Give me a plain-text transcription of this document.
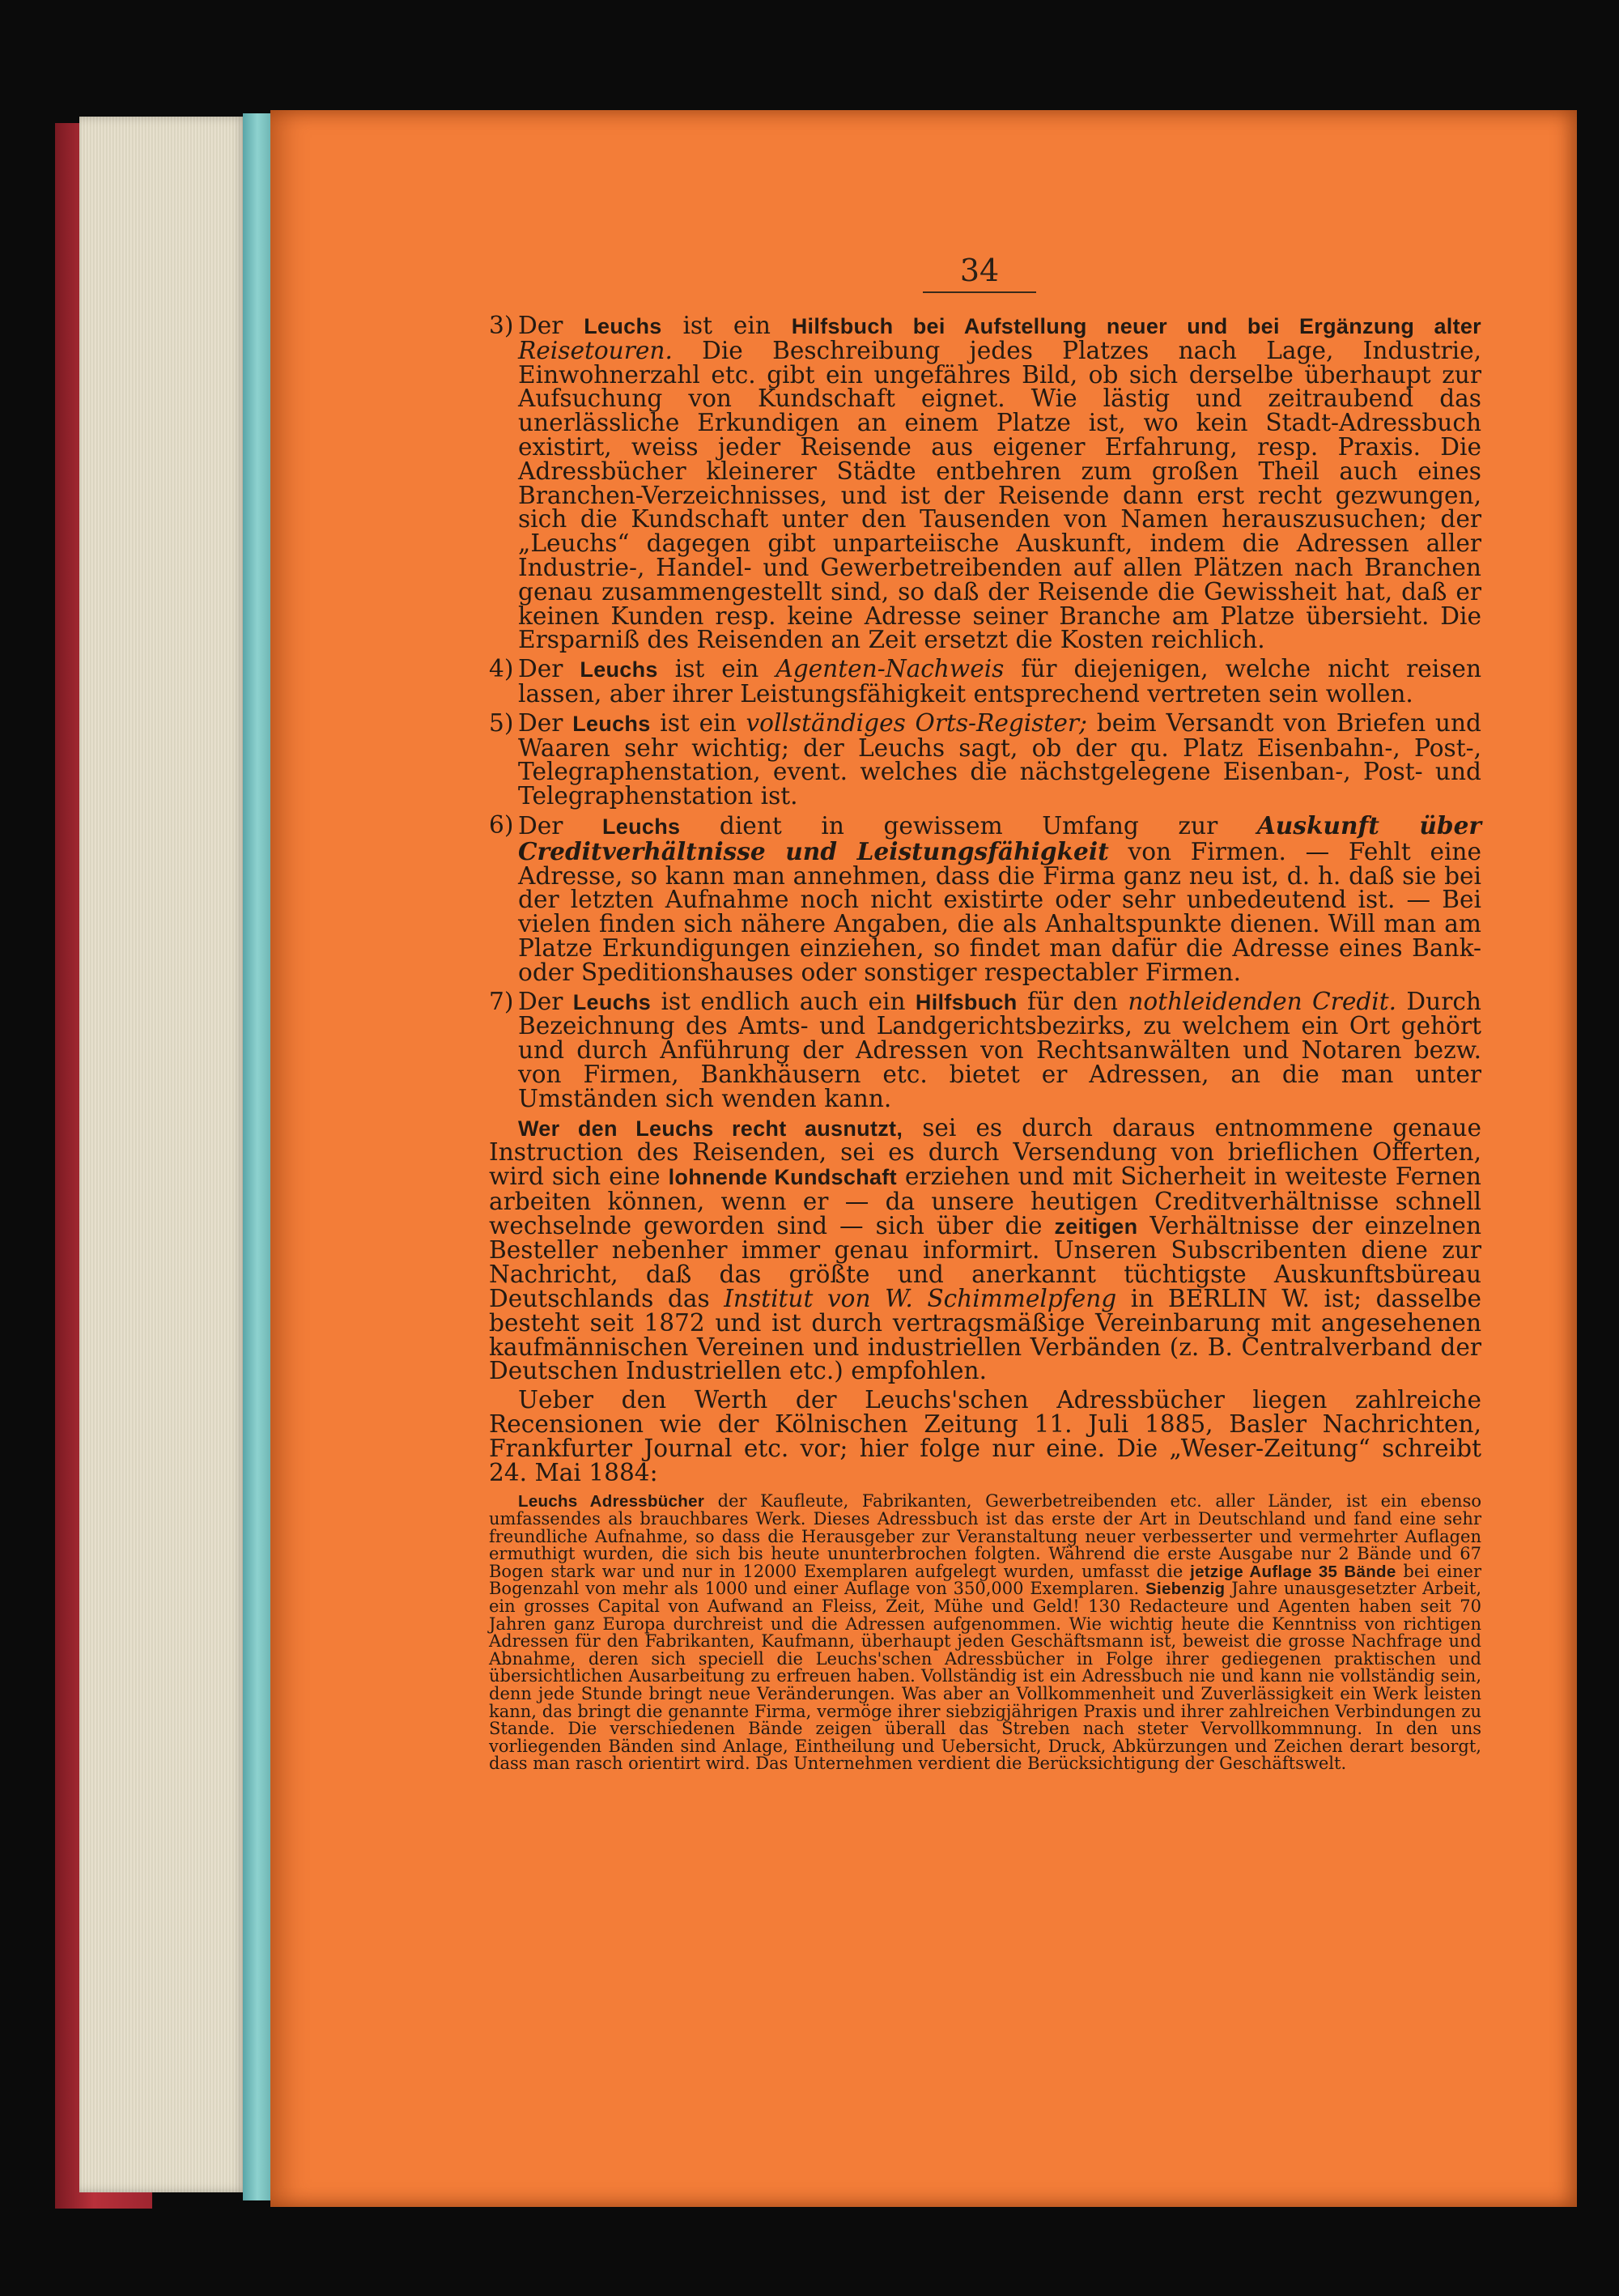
34
3) Der Leuchs ist ein Hilfsbuch bei Aufstellung neuer und bei Ergänzung alter Reisetouren. Die Beschreibung jedes Platzes nach Lage, Industrie, Einwohnerzahl etc. gibt ein ungefähres Bild, ob sich derselbe überhaupt zur Aufsuchung von Kundschaft eignet. Wie lästig und zeitraubend das unerlässliche Erkundigen an einem Platze ist, wo kein Stadt-Adressbuch existirt, weiss jeder Reisende aus eigener Erfahrung, resp. Praxis. Die Adressbücher kleinerer Städte entbehren zum großen Theil auch eines Branchen-Verzeichnisses, und ist der Reisende dann erst recht gezwungen, sich die Kundschaft unter den Tausenden von Namen herauszusuchen; der „Leuchs“ dagegen gibt unparteiische Auskunft, indem die Adressen aller Industrie-, Handel- und Gewerbetreibenden auf allen Plätzen nach Branchen genau zusammengestellt sind, so daß der Reisende die Gewissheit hat, daß er keinen Kunden resp. keine Adresse seiner Branche am Platze übersieht. Die Ersparniß des Reisenden an Zeit ersetzt die Kosten reichlich.
4) Der Leuchs ist ein Agenten-Nachweis für diejenigen, welche nicht reisen lassen, aber ihrer Leistungsfähigkeit entsprechend vertreten sein wollen.
5) Der Leuchs ist ein vollständiges Orts-Register; beim Versandt von Briefen und Waaren sehr wichtig; der Leuchs sagt, ob der qu. Platz Eisenbahn-, Post-, Telegraphenstation, event. welches die nächstgelegene Eisenban-, Post- und Telegraphenstation ist.
6) Der Leuchs dient in gewissem Umfang zur Auskunft über Creditverhältnisse und Leistungsfähigkeit von Firmen. — Fehlt eine Adresse, so kann man annehmen, dass die Firma ganz neu ist, d. h. daß sie bei der letzten Aufnahme noch nicht existirte oder sehr unbedeutend ist. — Bei vielen finden sich nähere Angaben, die als Anhaltspunkte dienen. Will man am Platze Erkundigungen einziehen, so findet man dafür die Adresse eines Bank- oder Speditionshauses oder sonstiger respectabler Firmen.
7) Der Leuchs ist endlich auch ein Hilfsbuch für den nothleidenden Credit. Durch Bezeichnung des Amts- und Landgerichtsbezirks, zu welchem ein Ort gehört und durch Anführung der Adressen von Rechtsanwälten und Notaren bezw. von Firmen, Bankhäusern etc. bietet er Adressen, an die man unter Umständen sich wenden kann.
Wer den Leuchs recht ausnutzt, sei es durch daraus entnommene genaue Instruction des Reisenden, sei es durch Versendung von brieflichen Offerten, wird sich eine lohnende Kundschaft erziehen und mit Sicherheit in weiteste Fernen arbeiten können, wenn er — da unsere heutigen Creditverhältnisse schnell wechselnde geworden sind — sich über die zeitigen Verhältnisse der einzelnen Besteller nebenher immer genau informirt. Unseren Subscribenten diene zur Nachricht, daß das größte und anerkannt tüchtigste Auskunftsbüreau Deutschlands das Institut von W. Schimmelpfeng in BERLIN W. ist; dasselbe besteht seit 1872 und ist durch vertragsmäßige Vereinbarung mit angesehenen kaufmännischen Vereinen und industriellen Verbänden (z. B. Centralverband der Deutschen Industriellen etc.) empfohlen.
Ueber den Werth der Leuchs'schen Adressbücher liegen zahlreiche Recensionen wie der Kölnischen Zeitung 11. Juli 1885, Basler Nachrichten, Frankfurter Journal etc. vor; hier folge nur eine. Die „Weser-Zeitung“ schreibt 24. Mai 1884:
Leuchs Adressbücher der Kaufleute, Fabrikanten, Gewerbetreibenden etc. aller Länder, ist ein ebenso umfassendes als brauchbares Werk. Dieses Adressbuch ist das erste der Art in Deutschland und fand eine sehr freundliche Aufnahme, so dass die Herausgeber zur Veranstaltung neuer verbesserter und vermehrter Auflagen ermuthigt wurden, die sich bis heute ununterbrochen folgten. Während die erste Ausgabe nur 2 Bände und 67 Bogen stark war und nur in 12000 Exemplaren aufgelegt wurden, umfasst die jetzige Auflage 35 Bände bei einer Bogenzahl von mehr als 1000 und einer Auflage von 350,000 Exemplaren. Siebenzig Jahre unausgesetzter Arbeit, ein grosses Capital von Aufwand an Fleiss, Zeit, Mühe und Geld! 130 Redacteure und Agenten haben seit 70 Jahren ganz Europa durchreist und die Adressen aufgenommen. Wie wichtig heute die Kenntniss von richtigen Adressen für den Fabrikanten, Kaufmann, überhaupt jeden Geschäftsmann ist, beweist die grosse Nachfrage und Abnahme, deren sich speciell die Leuchs'schen Adressbücher in Folge ihrer gediegenen praktischen und übersichtlichen Ausarbeitung zu erfreuen haben. Vollständig ist ein Adressbuch nie und kann nie vollständig sein, denn jede Stunde bringt neue Veränderungen. Was aber an Vollkommenheit und Zuverlässigkeit ein Werk leisten kann, das bringt die genannte Firma, vermöge ihrer siebzigjährigen Praxis und ihrer zahlreichen Verbindungen zu Stande. Die verschiedenen Bände zeigen überall das Streben nach steter Vervollkommnung. In den uns vorliegenden Bänden sind Anlage, Eintheilung und Uebersicht, Druck, Abkürzungen und Zeichen derart besorgt, dass man rasch orientirt wird. Das Unternehmen verdient die Berücksichtigung der Geschäftswelt.
